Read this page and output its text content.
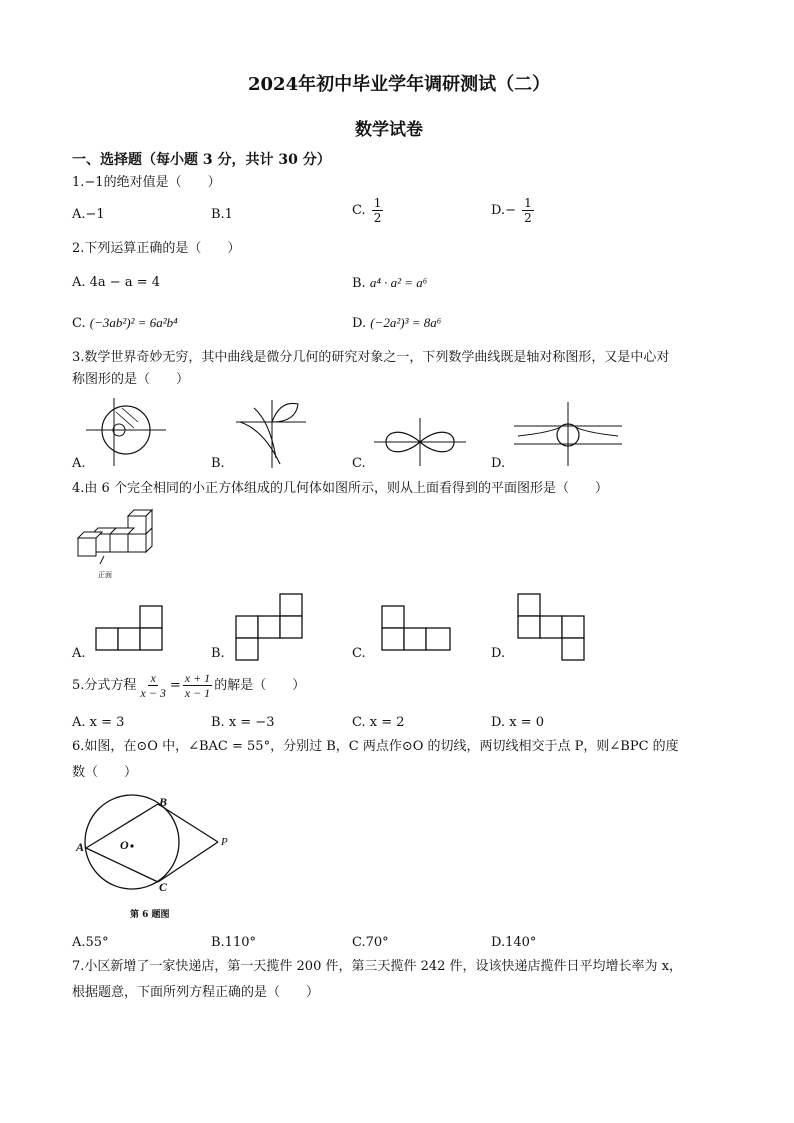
2024年初中毕业学年调研测试（二）
数学试卷
一、选择题（每小题 3 分，共计 30 分）
1.−1的绝对值是（　　）
A.−1	B.1	C. $\frac{1}{2}$	$D.- \frac{1}{2}$
2.下列运算正确的是（　　）
A. 4a − a = 4	B. a⁴ · a² = a⁶
C. (−3ab²)² = 6a²b⁴	D. (−2a²)³ = 8a⁶
3.数学世界奇妙无穷，其中曲线是微分几何的研究对象之一，下列数学曲线既是轴对称图形，又是中心对
称图形的是（　　）
A.	B.	C.	D.
4.由 6 个完全相同的小正方体组成的几何体如图所示，则从上面看得到的平面图形是（　　）
正面
A.	B.	C.	D.
5.分式方程 $\frac{x}{x - 3} = \frac{x + 1}{x - 1}$ 的解是（　　）
A. x = 3	B. x = −3	C. x = 2	D. x = 0
6.如图，在⊙O 中，∠BAC = 55°，分别过 B，C 两点作⊙O 的切线，两切线相交于点 P，则∠BPC 的度
数（　　）
A
B
C
O	P
第 6 题图
A.55°	B.110°	C.70°	D.140°
7.小区新增了一家快递店，第一天揽件 200 件，第三天揽件 242 件，设该快递店揽件日平均增长率为 x，
根据题意，下面所列方程正确的是（　　）
